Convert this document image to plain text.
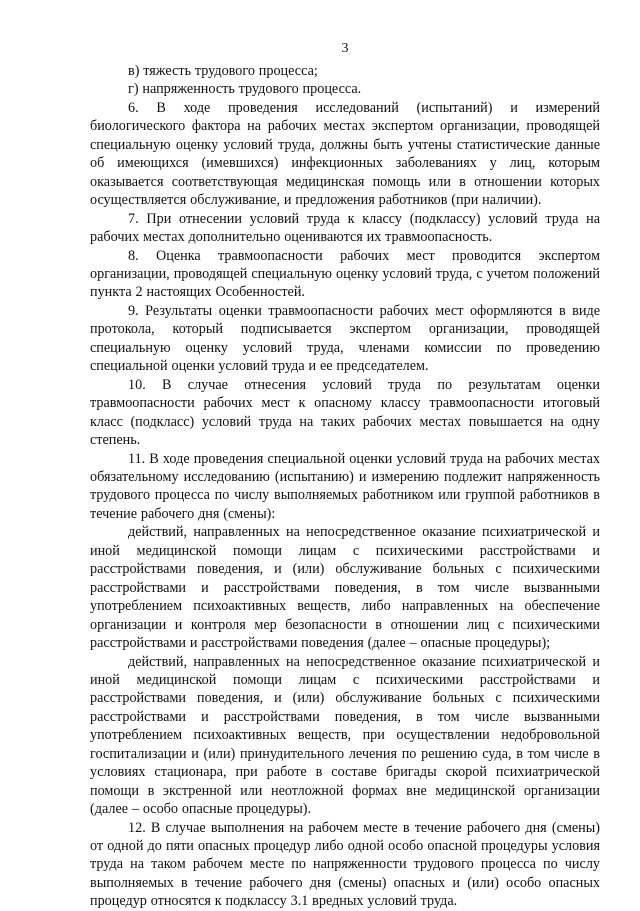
3

в) тяжесть трудового процесса;

г) напряженность трудового процесса.

6. В ходе проведения исследований (испытаний) и измерений биологического фактора на рабочих местах экспертом организации, проводящей специальную оценку условий труда, должны быть учтены статистические данные об имеющихся (имевшихся) инфекционных заболеваниях у лиц, которым оказывается соответствующая медицинская помощь или в отношении которых осуществляется обслуживание, и предложения работников (при наличии).

7. При отнесении условий труда к классу (подклассу) условий труда на рабочих местах дополнительно оцениваются их травмоопасность.

8. Оценка травмоопасности рабочих мест проводится экспертом организации, проводящей специальную оценку условий труда, с учетом положений пункта 2 настоящих Особенностей.

9. Результаты оценки травмоопасности рабочих мест оформляются в виде протокола, который подписывается экспертом организации, проводящей специальную оценку условий труда, членами комиссии по проведению специальной оценки условий труда и ее председателем.

10. В случае отнесения условий труда по результатам оценки травмоопасности рабочих мест к опасному классу травмоопасности итоговый класс (подкласс) условий труда на таких рабочих местах повышается на одну степень.

11. В ходе проведения специальной оценки условий труда на рабочих местах обязательному исследованию (испытанию) и измерению подлежит напряженность трудового процесса по числу выполняемых работником или группой работников в течение рабочего дня (смены):

действий, направленных на непосредственное оказание психиатрической и иной медицинской помощи лицам с психическими расстройствами и расстройствами поведения, и (или) обслуживание больных с психическими расстройствами и расстройствами поведения, в том числе вызванными употреблением психоактивных веществ, либо направленных на обеспечение организации и контроля мер безопасности в отношении лиц с психическими расстройствами и расстройствами поведения (далее – опасные процедуры);

действий, направленных на непосредственное оказание психиатрической и иной медицинской помощи лицам с психическими расстройствами и расстройствами поведения, и (или) обслуживание больных с психическими расстройствами и расстройствами поведения, в том числе вызванными употреблением психоактивных веществ, при осуществлении недобровольной госпитализации и (или) принудительного лечения по решению суда, в том числе в условиях стационара, при работе в составе бригады скорой психиатрической помощи в экстренной или неотложной формах вне медицинской организации (далее – особо опасные процедуры).

12. В случае выполнения на рабочем месте в течение рабочего дня (смены) от одной до пяти опасных процедур либо одной особо опасной процедуры условия труда на таком рабочем месте по напряженности трудового процесса по числу выполняемых в течение рабочего дня (смены) опасных и (или) особо опасных процедур относятся к подклассу 3.1 вредных условий труда.
